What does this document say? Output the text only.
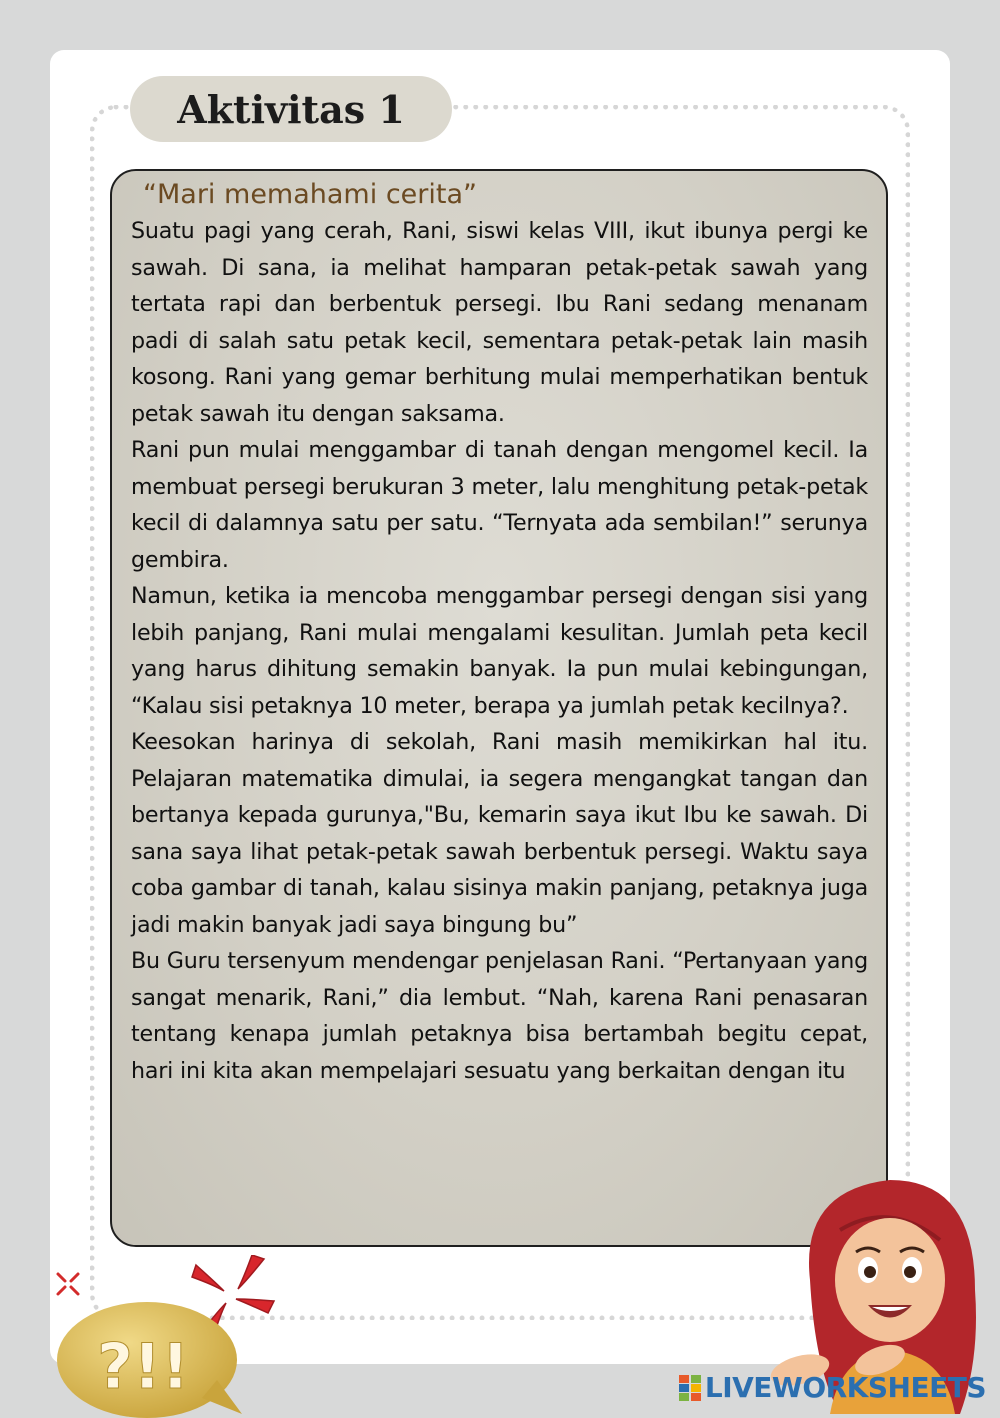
Aktivitas 1

“Mari memahami cerita”

Suatu pagi yang cerah, Rani, siswi kelas VIII, ikut ibunya pergi ke sawah. Di sana, ia melihat hamparan petak-petak sawah yang tertata rapi dan berbentuk persegi. Ibu Rani sedang menanam padi di salah satu petak kecil, sementara petak-petak lain masih kosong. Rani yang gemar berhitung mulai memperhatikan bentuk petak sawah itu dengan saksama.

Rani pun mulai menggambar di tanah dengan mengomel kecil. Ia membuat persegi berukuran 3 meter, lalu menghitung petak-petak kecil di dalamnya satu per satu. “Ternyata ada sembilan!” serunya gembira.

Namun, ketika ia mencoba menggambar persegi dengan sisi yang lebih panjang, Rani mulai mengalami kesulitan. Jumlah peta kecil yang harus dihitung semakin banyak. Ia pun mulai kebingungan, “Kalau sisi petaknya 10 meter, berapa ya jumlah petak kecilnya?.

Keesokan harinya di sekolah, Rani masih memikirkan hal itu. Pelajaran matematika dimulai, ia segera mengangkat tangan dan bertanya kepada gurunya,"Bu, kemarin saya ikut Ibu ke sawah. Di sana saya lihat petak-petak sawah berbentuk persegi. Waktu saya coba gambar di tanah, kalau sisinya makin panjang, petaknya juga jadi makin banyak jadi saya bingung bu”

Bu Guru tersenyum mendengar penjelasan Rani. “Pertanyaan yang sangat menarik, Rani,” dia lembut. “Nah, karena Rani penasaran tentang kenapa jumlah petaknya bisa bertambah begitu cepat, hari ini kita akan mempelajari sesuatu yang berkaitan dengan itu

?!!	LIVEWORKSHEETS
